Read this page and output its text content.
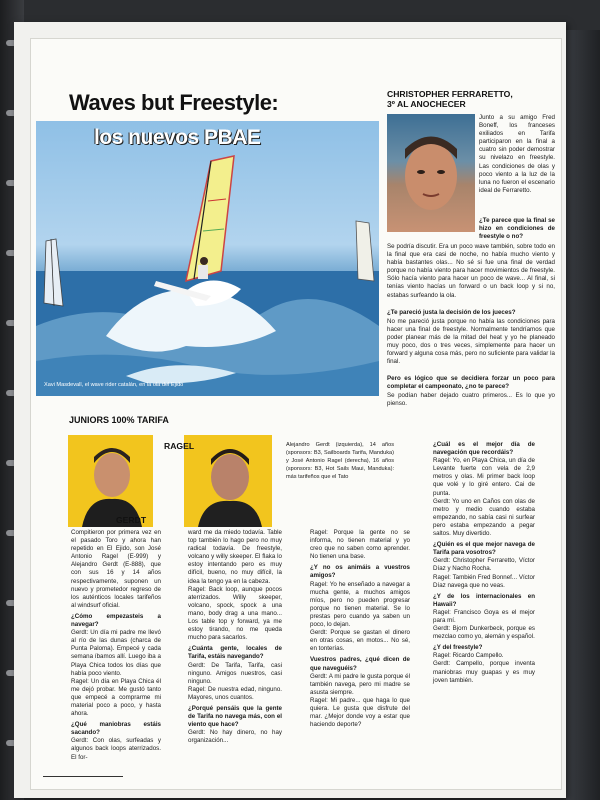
Waves but Freestyle:
los nuevos PBAE
Xavi Masdevall, el wave rider catalán, en la ola del Ejido
CHRISTOPHER FERRARETTO,
3º AL ANOCHECER
Junto a su amigo Fred Boneff, los franceses exiliados en Tarifa participaron en la final a cuatro sin poder demostrar su nivelazo en freestyle. Las condiciones de olas y poco viento a la luz de la luna no fueron el escenario ideal de Ferraretto.
¿Te parece que la final se hizo en condiciones de freestyle o no?
Se podría discutir. Era un poco wave también, sobre todo en la final que era casi de noche, no había mucho viento y había bastantes olas... No sé si fue una final de verdad porque no había viento para hacer movimientos de freestyle. Sólo hacía viento para hacer un poco de wave... Al final, si tenías viento hacías un forward o un back loop y si no, estabas surfeando la ola.
¿Te pareció justa la decisión de los jueces?
No me pareció justa porque no había las condiciones para hacer una final de freestyle. Normalmente tendríamos que poder planear más de la mitad del heat y yo he planeado muy poco, dos o tres veces, simplemente para hacer un forward y alguna cosa más, pero no suficiente para validar la final.
Pero es lógico que se decidiera forzar un poco para completar el campeonato, ¿no te parece?
Se podían haber dejado cuatro primeros... Es lo que yo pienso.
JUNIORS 100% TARIFA
GERDT
RAGEL	Alejandro Gerdt (izquierda), 14 años (sponsors: B3, Sailboards Tarifa, Manduka) y José Antonio Ragel (derecha), 16 años (sponsors: B3, Hot Sails Maui, Manduka): más tarifeños que el Tato
Compitieron por primera vez en el pasado Toro y ahora han repetido en El Ejido, son José Antonio Ragel (E-999) y Alejandro Gerdt (E-888), que con sus 16 y 14 años respectivamente, suponen un nuevo y prometedor regreso de los auténticos locales tarifeños al windsurf oficial.
¿Cómo empezasteis a navegar?
Gerdt: Un día mi padre me llevó al río de las dunas (charca de Punta Paloma). Empecé y cada semana íbamos allí. Luego iba a Playa Chica todos los días que había poco viento.
Ragel: Un día en Playa Chica él me dejó probar. Me gustó tanto que empecé a comprarme mi material poco a poco, y hasta ahora.
¿Qué maniobras estáis sacando?
Gerdt: Con olas, surfeadas y algunos back loops aterrizados. El for-
ward me da miedo todavía. Table top también lo hago pero no muy radical todavía. De freestyle, volcano y willy skeeper. El flaka lo estoy intentando pero es muy difícil, bueno, no muy difícil, la idea la tengo ya en la cabeza.
Ragel: Back loop, aunque pocos aterrizados. Willy skeeper, volcano, spock, spock a una mano, body drag a una mano... Los table top y forward, ya me estoy tirando, no me queda mucho para sacarlos.
¿Cuánta gente, locales de Tarifa, estáis navegando?
Gerdt: De Tarifa, Tarifa, casi ninguno. Amigos nuestros, casi ninguno.
Ragel: De nuestra edad, ninguno. Mayores, unos cuantos.
¿Porqué pensáis que la gente de Tarifa no navega más, con el viento que hace?
Gerdt: No hay dinero, no hay organización...
Ragel: Porque la gente no se informa, no tienen material y yo creo que no saben como aprender. No tienen una base.
¿Y no os animáis a vuestros amigos?
Ragel: Yo he enseñado a navegar a mucha gente, a muchos amigos míos, pero no pueden progresar porque no tienen material. Se lo prestas pero cuando ya saben un poco, lo dejan.
Gerdt: Porque se gastan el dinero en otras cosas, en motos... No sé, en tonterías.
Vuestros padres, ¿qué dicen de que naveguéis?
Gerdt: A mi padre le gusta porque él también navega, pero mi madre se asusta siempre.
Ragel: Mi padre... que haga lo que quiera. Le gusta que disfrute del mar. ¿Mejor donde voy a estar que haciendo deporte?
¿Cuál es el mejor día de navegación que recordáis?
Ragel: Yo, en Playa Chica, un día de Levante fuerte con vela de 2,9 metros y olas. Mi primer back loop que volé y lo giré entero. Cai de punta.
Gerdt: Yo uno en Caños con olas de metro y medio cuando estaba empezando, no sabía casi ni surfear pero estaba empezando a pegar saltos. Muy divertido.
¿Quién es el que mejor navega de Tarifa para vosotros?
Gerdt: Christopher Ferraretto, Víctor Díaz y Nacho Rocha.
Ragel: También Fred Bonnef... Víctor Díaz navega que no veas.
¿Y de los internacionales en Hawaii?
Ragel: Francisco Goya es el mejor para mí.
Gerdt: Bjorn Dunkerbeck, porque es mezclao como yo, alemán y español.
¿Y del freestyle?
Ragel: Ricardo Campello.
Gerdt: Campello, porque inventa maniobras muy guapas y es muy joven también.
